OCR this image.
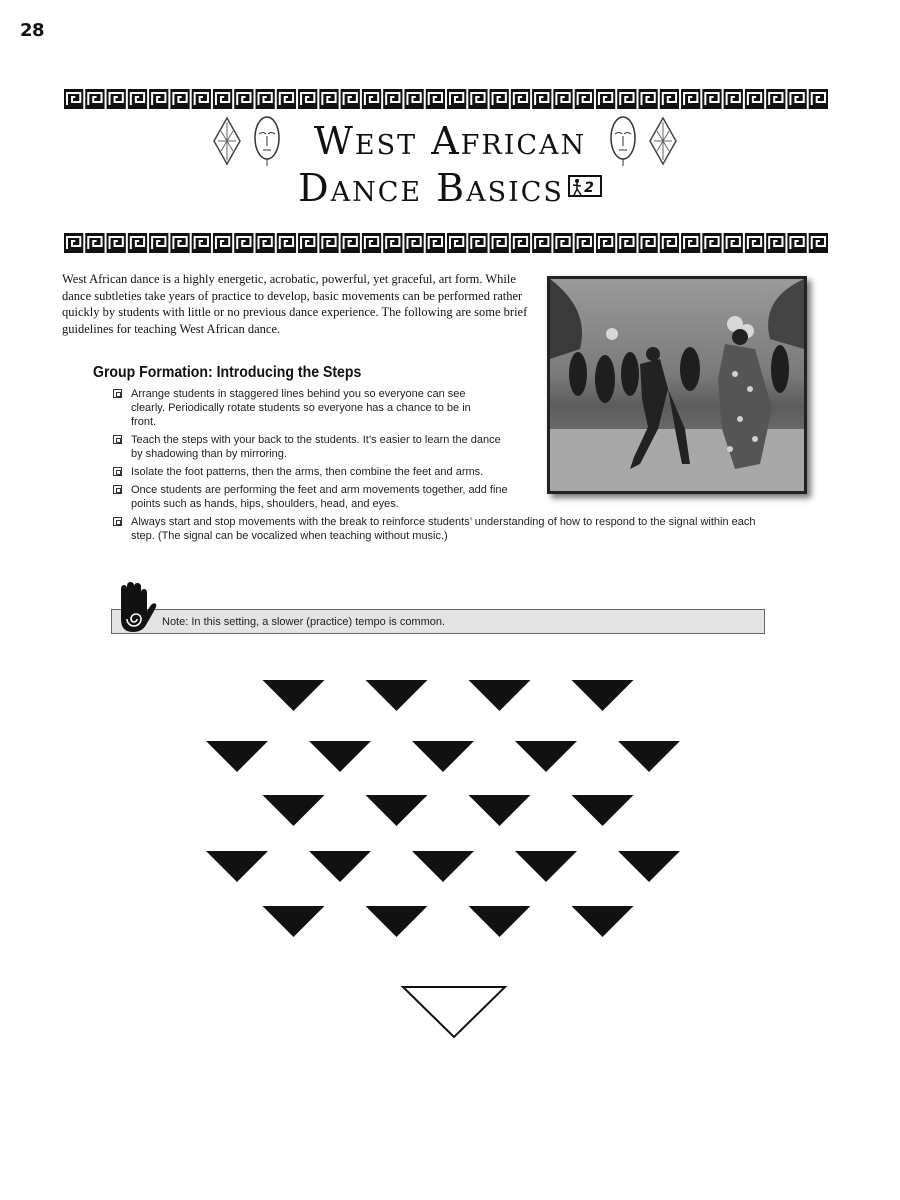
28
West African
Dance Basics 2

West African dance is a highly energetic, acrobatic, powerful, yet graceful, art form. While dance subtleties take years of practice to develop, basic movements can be performed rather quickly by students with little or no previous dance experience. The following are some brief guidelines for teaching West African dance.

Group Formation: Introducing the Steps
Arrange students in staggered lines behind you so everyone can see clearly. Periodically rotate students so everyone has a chance to be in front.
Teach the steps with your back to the students. It’s easier to learn the dance by shadowing than by mirroring.
Isolate the foot patterns, then the arms, then combine the feet and arms.
Once students are performing the feet and arm movements together, add fine points such as hands, hips, shoulders, head, and eyes.
Always start and stop movements with the break to reinforce students’ understanding of how to respond to the signal within each step. (The signal can be vocalized when teaching without music.)
Note: In this setting, a slower (practice) tempo is common.
